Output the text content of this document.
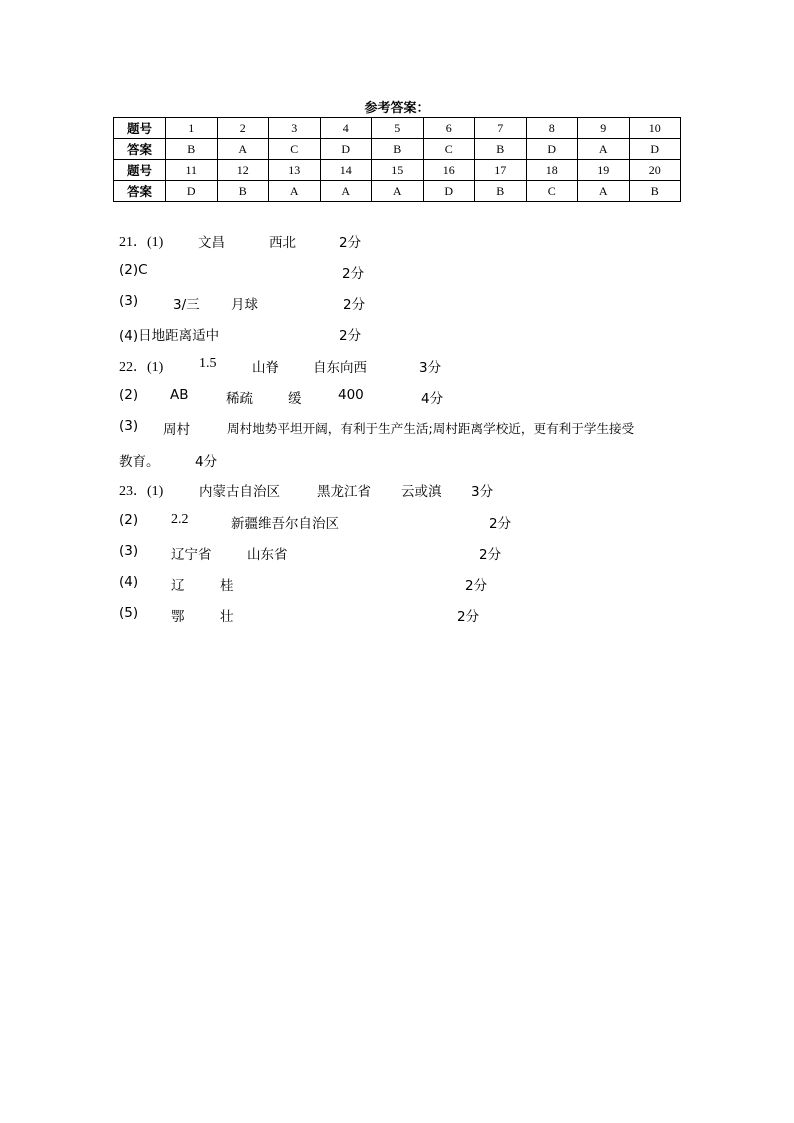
参考答案：
题号	1	2	3	4	5	6	7	8	9	10
答案	B	A	C	D	B	C	B	D	A	D
题号	11	12	13	14	15	16	17	18	19	20
答案	D	B	A	A	A	D	B	C	A	B
21．(1)	文昌	西北	2分
(2)C	2分
(3)	3/三 月球	2分
(4)日地距离适中	2分
22．(1)	1.5	山脊	自东向西	3分
(2) AB	稀疏	缓	400	4分
(3) 周村	周村地势平坦开阔，有利于生产生活;周村距离学校近，更有利于学生接受
教育。	4分
23．(1)	内蒙古自治区	黑龙江省 云或滇 3分
(2) 2.2	新疆维吾尔自治区	2分
(3) 辽宁省	山东省	2分
(4) 辽	桂	2分
(5) 鄂	壮	2分
